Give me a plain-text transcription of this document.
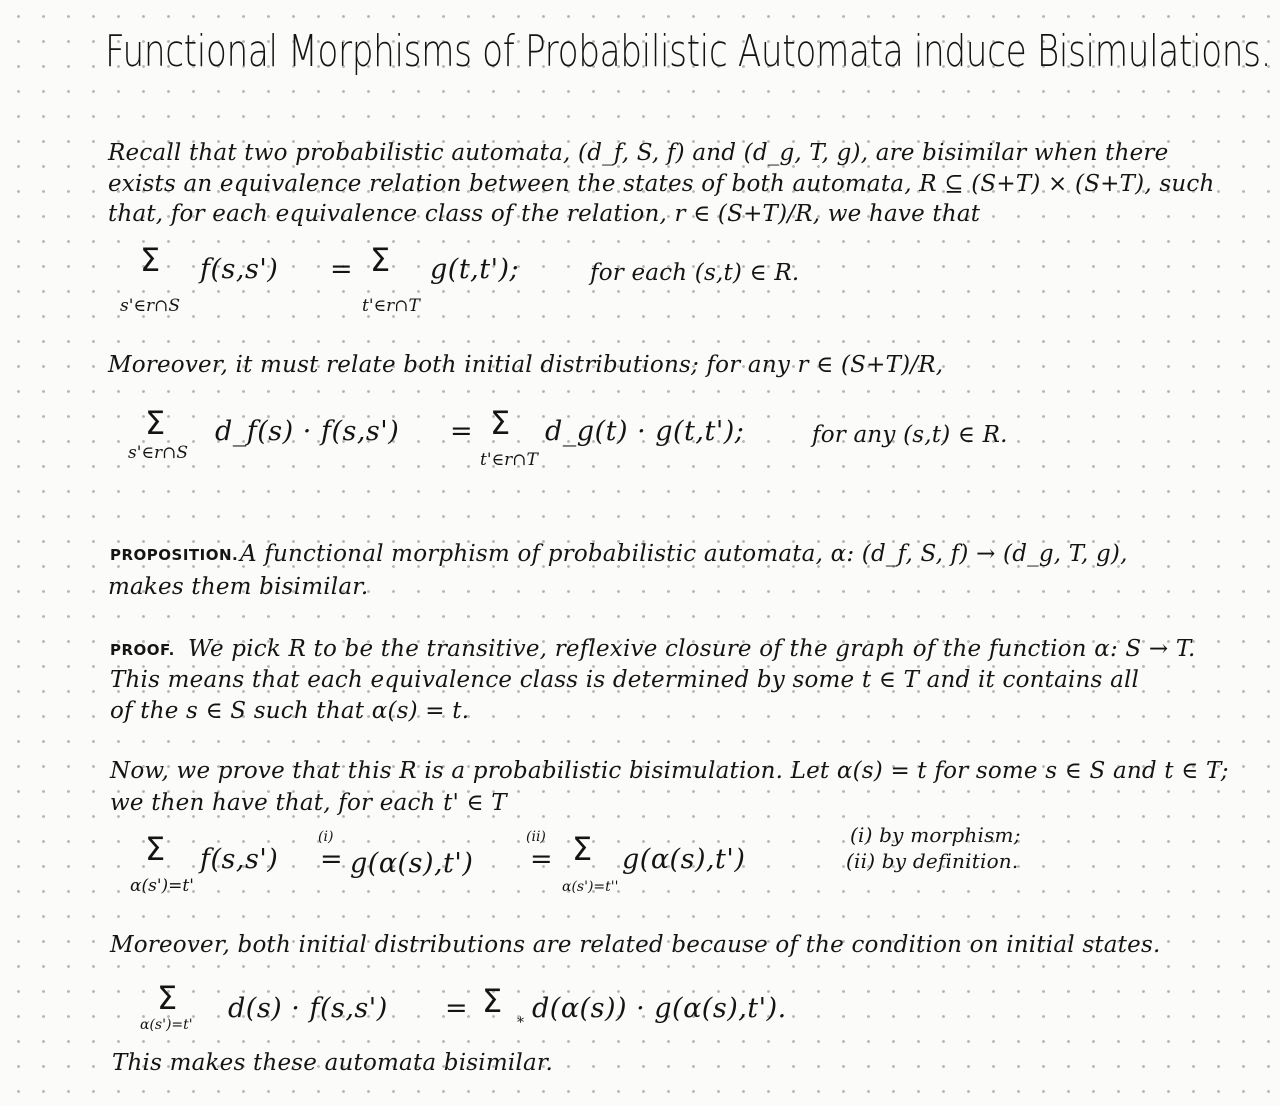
Functional Morphisms of Probabilistic Automata induce Bisimulations.
Recall that two probabilistic automata, (d_f, S, f) and (d_g, T, g), are bisimilar when there
exists an equivalence relation between the states of both automata, R ⊆ (S+T) × (S+T), such
that, for each equivalence class of the relation, r ∈ (S+T)/R, we have that
Σ f(s,s') = Σ g(t,t');	for each (s,t) ∈ R.
s'∈r∩S	t'∈r∩T
Moreover, it must relate both initial distributions; for any r ∈ (S+T)/R,
Σ d_f(s) · f(s,s') = Σ d_g(t) · g(t,t');	for any (s,t) ∈ R.
s'∈r∩S	t'∈r∩T
PROPOSITION. A functional morphism of probabilistic automata, α: (d_f, S, f) → (d_g, T, g),
makes them bisimilar.
PROOF. We pick R to be the transitive, reflexive closure of the graph of the function α: S → T.
This means that each equivalence class is determined by some t ∈ T and it contains all
of the s ∈ S such that α(s) = t.
Now, we prove that this R is a probabilistic bisimulation. Let α(s) = t for some s ∈ S and t ∈ T;
we then have that, for each t' ∈ T
Σ f(s,s')
(i)
= g(α(s),t')
(ii)
= Σ g(α(s),t')
α(s')=t'	α(s')=t''
(i) by morphism;
(ii) by definition.
Moreover, both initial distributions are related because of the condition on initial states.
Σ d(s) · f(s,s') = Σ d(α(s)) · g(α(s),t').
α(s')=t'	*
This makes these automata bisimilar.
